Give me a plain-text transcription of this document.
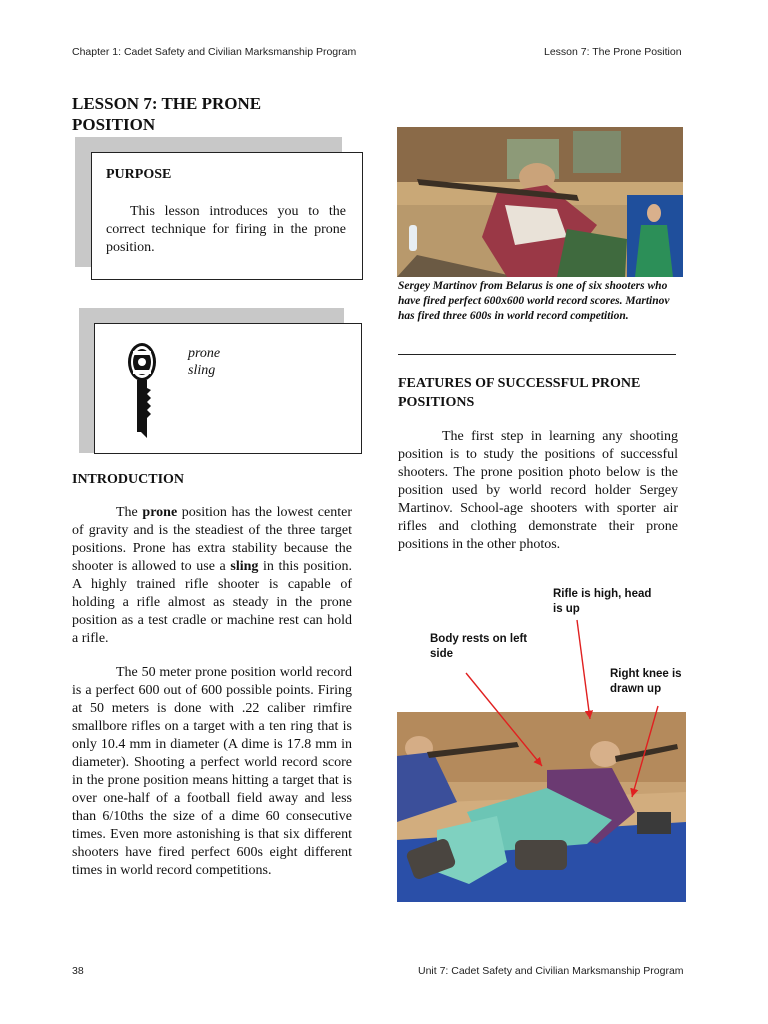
Chapter 1: Cadet Safety and Civilian Marksmanship Program	Lesson 7: The Prone Position
LESSON 7: THE PRONE POSITION
PURPOSE
This lesson introduces you to the correct technique for firing in the prone position.
prone
sling
INTRODUCTION

The prone position has the lowest center of gravity and is the steadiest of the three target positions. Prone has extra stability because the shooter is allowed to use a sling in this position. A highly trained rifle shooter is capable of holding a rifle almost as steady in the prone position as a test cradle or machine rest can hold a rifle.

The 50 meter prone position world record is a perfect 600 out of 600 possible points. Firing at 50 meters is done with .22 caliber rimfire smallbore rifles on a target with a ten ring that is only 10.4 mm in diameter (A dime is 17.8 mm in diameter). Shooting a perfect world record score in the prone position means hitting a target that is over one-half of a football field away and less than 6/10ths the size of a dime 60 consecutive times. Even more astonishing is that six different shooters have fired perfect 600s eight different times in world record competitions.

Sergey Martinov from Belarus is one of six shooters who have fired perfect 600x600 world record scores. Martinov has fired three 600s in world record competition.
FEATURES OF SUCCESSFUL PRONE POSITIONS

The first step in learning any shooting position is to study the positions of successful shooters. The prone position photo below is the position used by world record holder Sergey Martinov. School-age shooters with sporter air rifles and clothing demonstrate their prone positions in the other photos.

Rifle is high, head is up
Body rests on left side
Right knee is drawn up
38	Unit 7: Cadet Safety and Civilian Marksmanship Program
